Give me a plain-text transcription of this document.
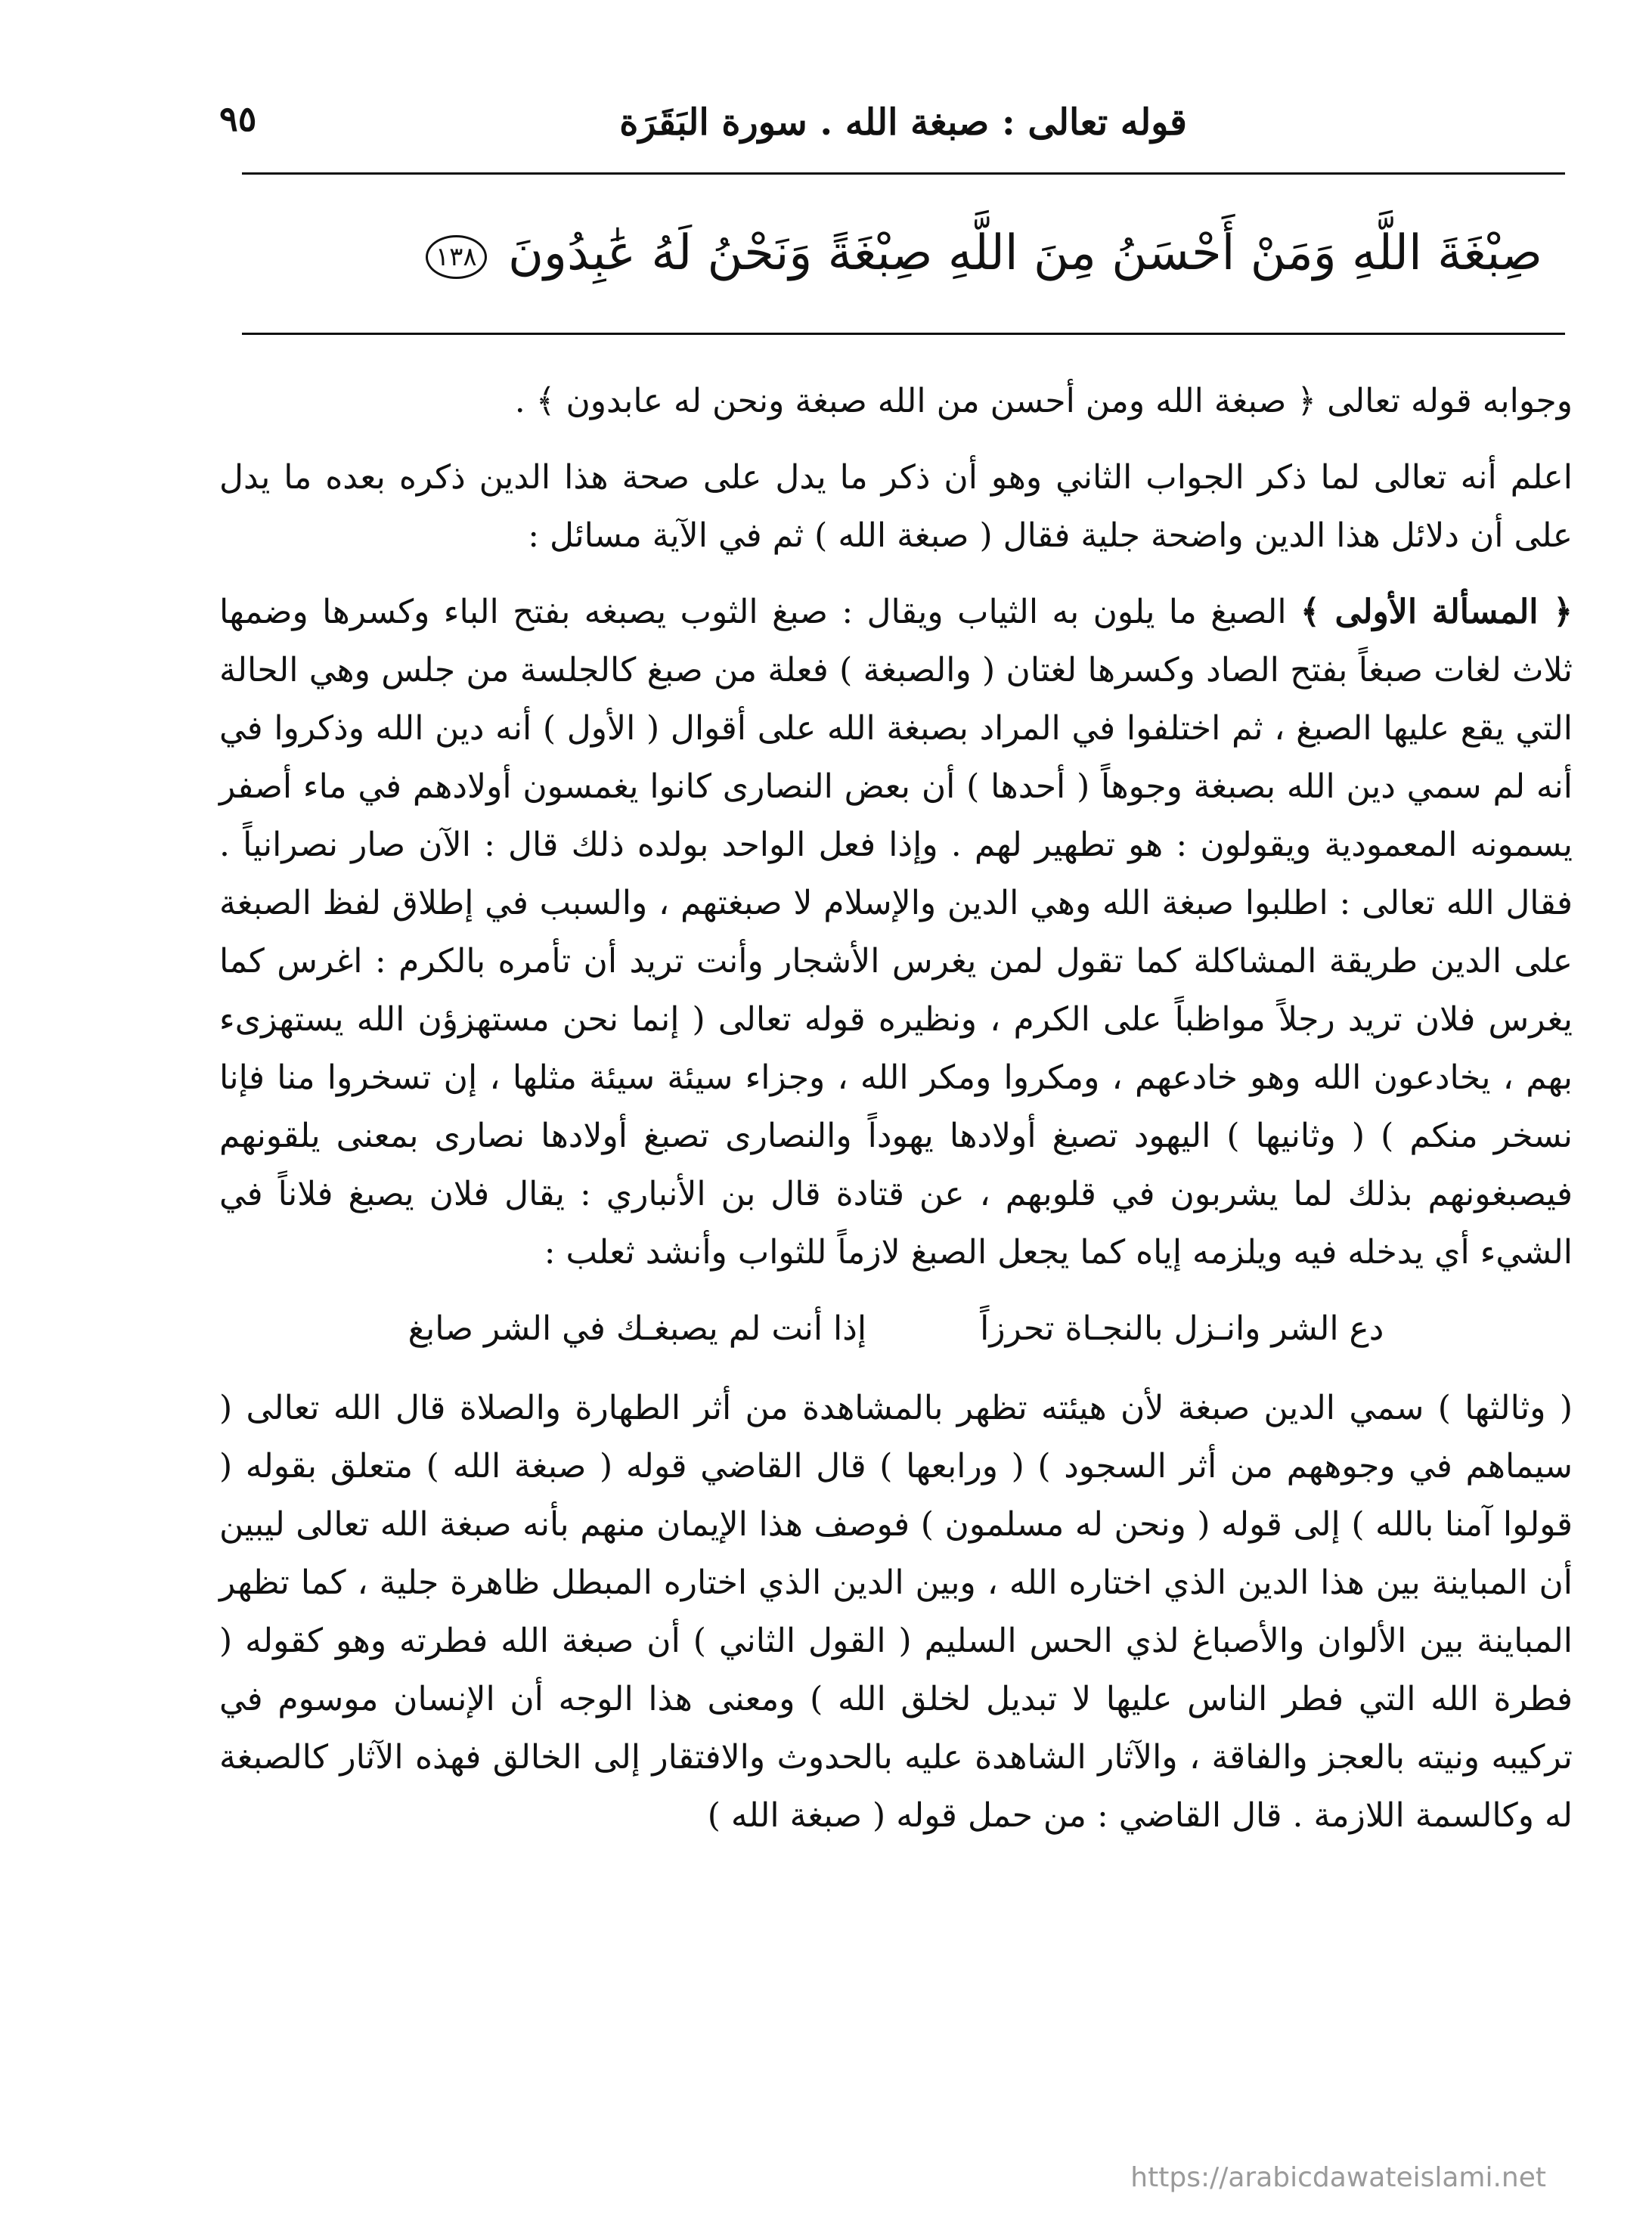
قوله تعالى : صبغة الله . سورة البَقَرَة
٩٥
صِبْغَةَ اللَّهِ وَمَنْ أَحْسَنُ مِنَ اللَّهِ صِبْغَةً وَنَحْنُ لَهُ عَٰبِدُونَ ١٣٨

وجوابه قوله تعالى ﴿ صبغة الله ومن أحسن من الله صبغة ونحن له عابدون ﴾ .

اعلم أنه تعالى لما ذكر الجواب الثاني وهو أن ذكر ما يدل على صحة هذا الدين ذكره بعده ما يدل على أن دلائل هذا الدين واضحة جلية فقال ( صبغة الله ) ثم في الآية مسائل :

﴿ المسألة الأولى ﴾ الصبغ ما يلون به الثياب ويقال : صبغ الثوب يصبغه بفتح الباء وكسرها وضمها ثلاث لغات صبغاً بفتح الصاد وكسرها لغتان ( والصبغة ) فعلة من صبغ كالجلسة من جلس وهي الحالة التي يقع عليها الصبغ ، ثم اختلفوا في المراد بصبغة الله على أقوال ( الأول ) أنه دين الله وذكروا في أنه لم سمي دين الله بصبغة وجوهاً ( أحدها ) أن بعض النصارى كانوا يغمسون أولادهم في ماء أصفر يسمونه المعمودية ويقولون : هو تطهير لهم . وإذا فعل الواحد بولده ذلك قال : الآن صار نصرانياً . فقال الله تعالى : اطلبوا صبغة الله وهي الدين والإسلام لا صبغتهم ، والسبب في إطلاق لفظ الصبغة على الدين طريقة المشاكلة كما تقول لمن يغرس الأشجار وأنت تريد أن تأمره بالكرم : اغرس كما يغرس فلان تريد رجلاً مواظباً على الكرم ، ونظيره قوله تعالى ( إنما نحن مستهزؤن الله يستهزىء بهم ، يخادعون الله وهو خادعهم ، ومكروا ومكر الله ، وجزاء سيئة سيئة مثلها ، إن تسخروا منا فإنا نسخر منكم ) ( وثانيها ) اليهود تصبغ أولادها يهوداً والنصارى تصبغ أولادها نصارى بمعنى يلقونهم فيصبغونهم بذلك لما يشربون في قلوبهم ، عن قتادة قال بن الأنباري : يقال فلان يصبغ فلاناً في الشيء أي يدخله فيه ويلزمه إياه كما يجعل الصبغ لازماً للثواب وأنشد ثعلب :

دع الشر وانـزل بالنجـاة تحرزاً
إذا أنت لم يصبغـك في الشر صابغ

( وثالثها ) سمي الدين صبغة لأن هيئته تظهر بالمشاهدة من أثر الطهارة والصلاة قال الله تعالى ( سيماهم في وجوههم من أثر السجود ) ( ورابعها ) قال القاضي قوله ( صبغة الله ) متعلق بقوله ( قولوا آمنا بالله ) إلى قوله ( ونحن له مسلمون ) فوصف هذا الإيمان منهم بأنه صبغة الله تعالى ليبين أن المباينة بين هذا الدين الذي اختاره الله ، وبين الدين الذي اختاره المبطل ظاهرة جلية ، كما تظهر المباينة بين الألوان والأصباغ لذي الحس السليم ( القول الثاني ) أن صبغة الله فطرته وهو كقوله ( فطرة الله التي فطر الناس عليها لا تبديل لخلق الله ) ومعنى هذا الوجه أن الإنسان موسوم في تركيبه ونيته بالعجز والفاقة ، والآثار الشاهدة عليه بالحدوث والافتقار إلى الخالق فهذه الآثار كالصبغة له وكالسمة اللازمة . قال القاضي : من حمل قوله ( صبغة الله )

https://arabicdawateislami.net
